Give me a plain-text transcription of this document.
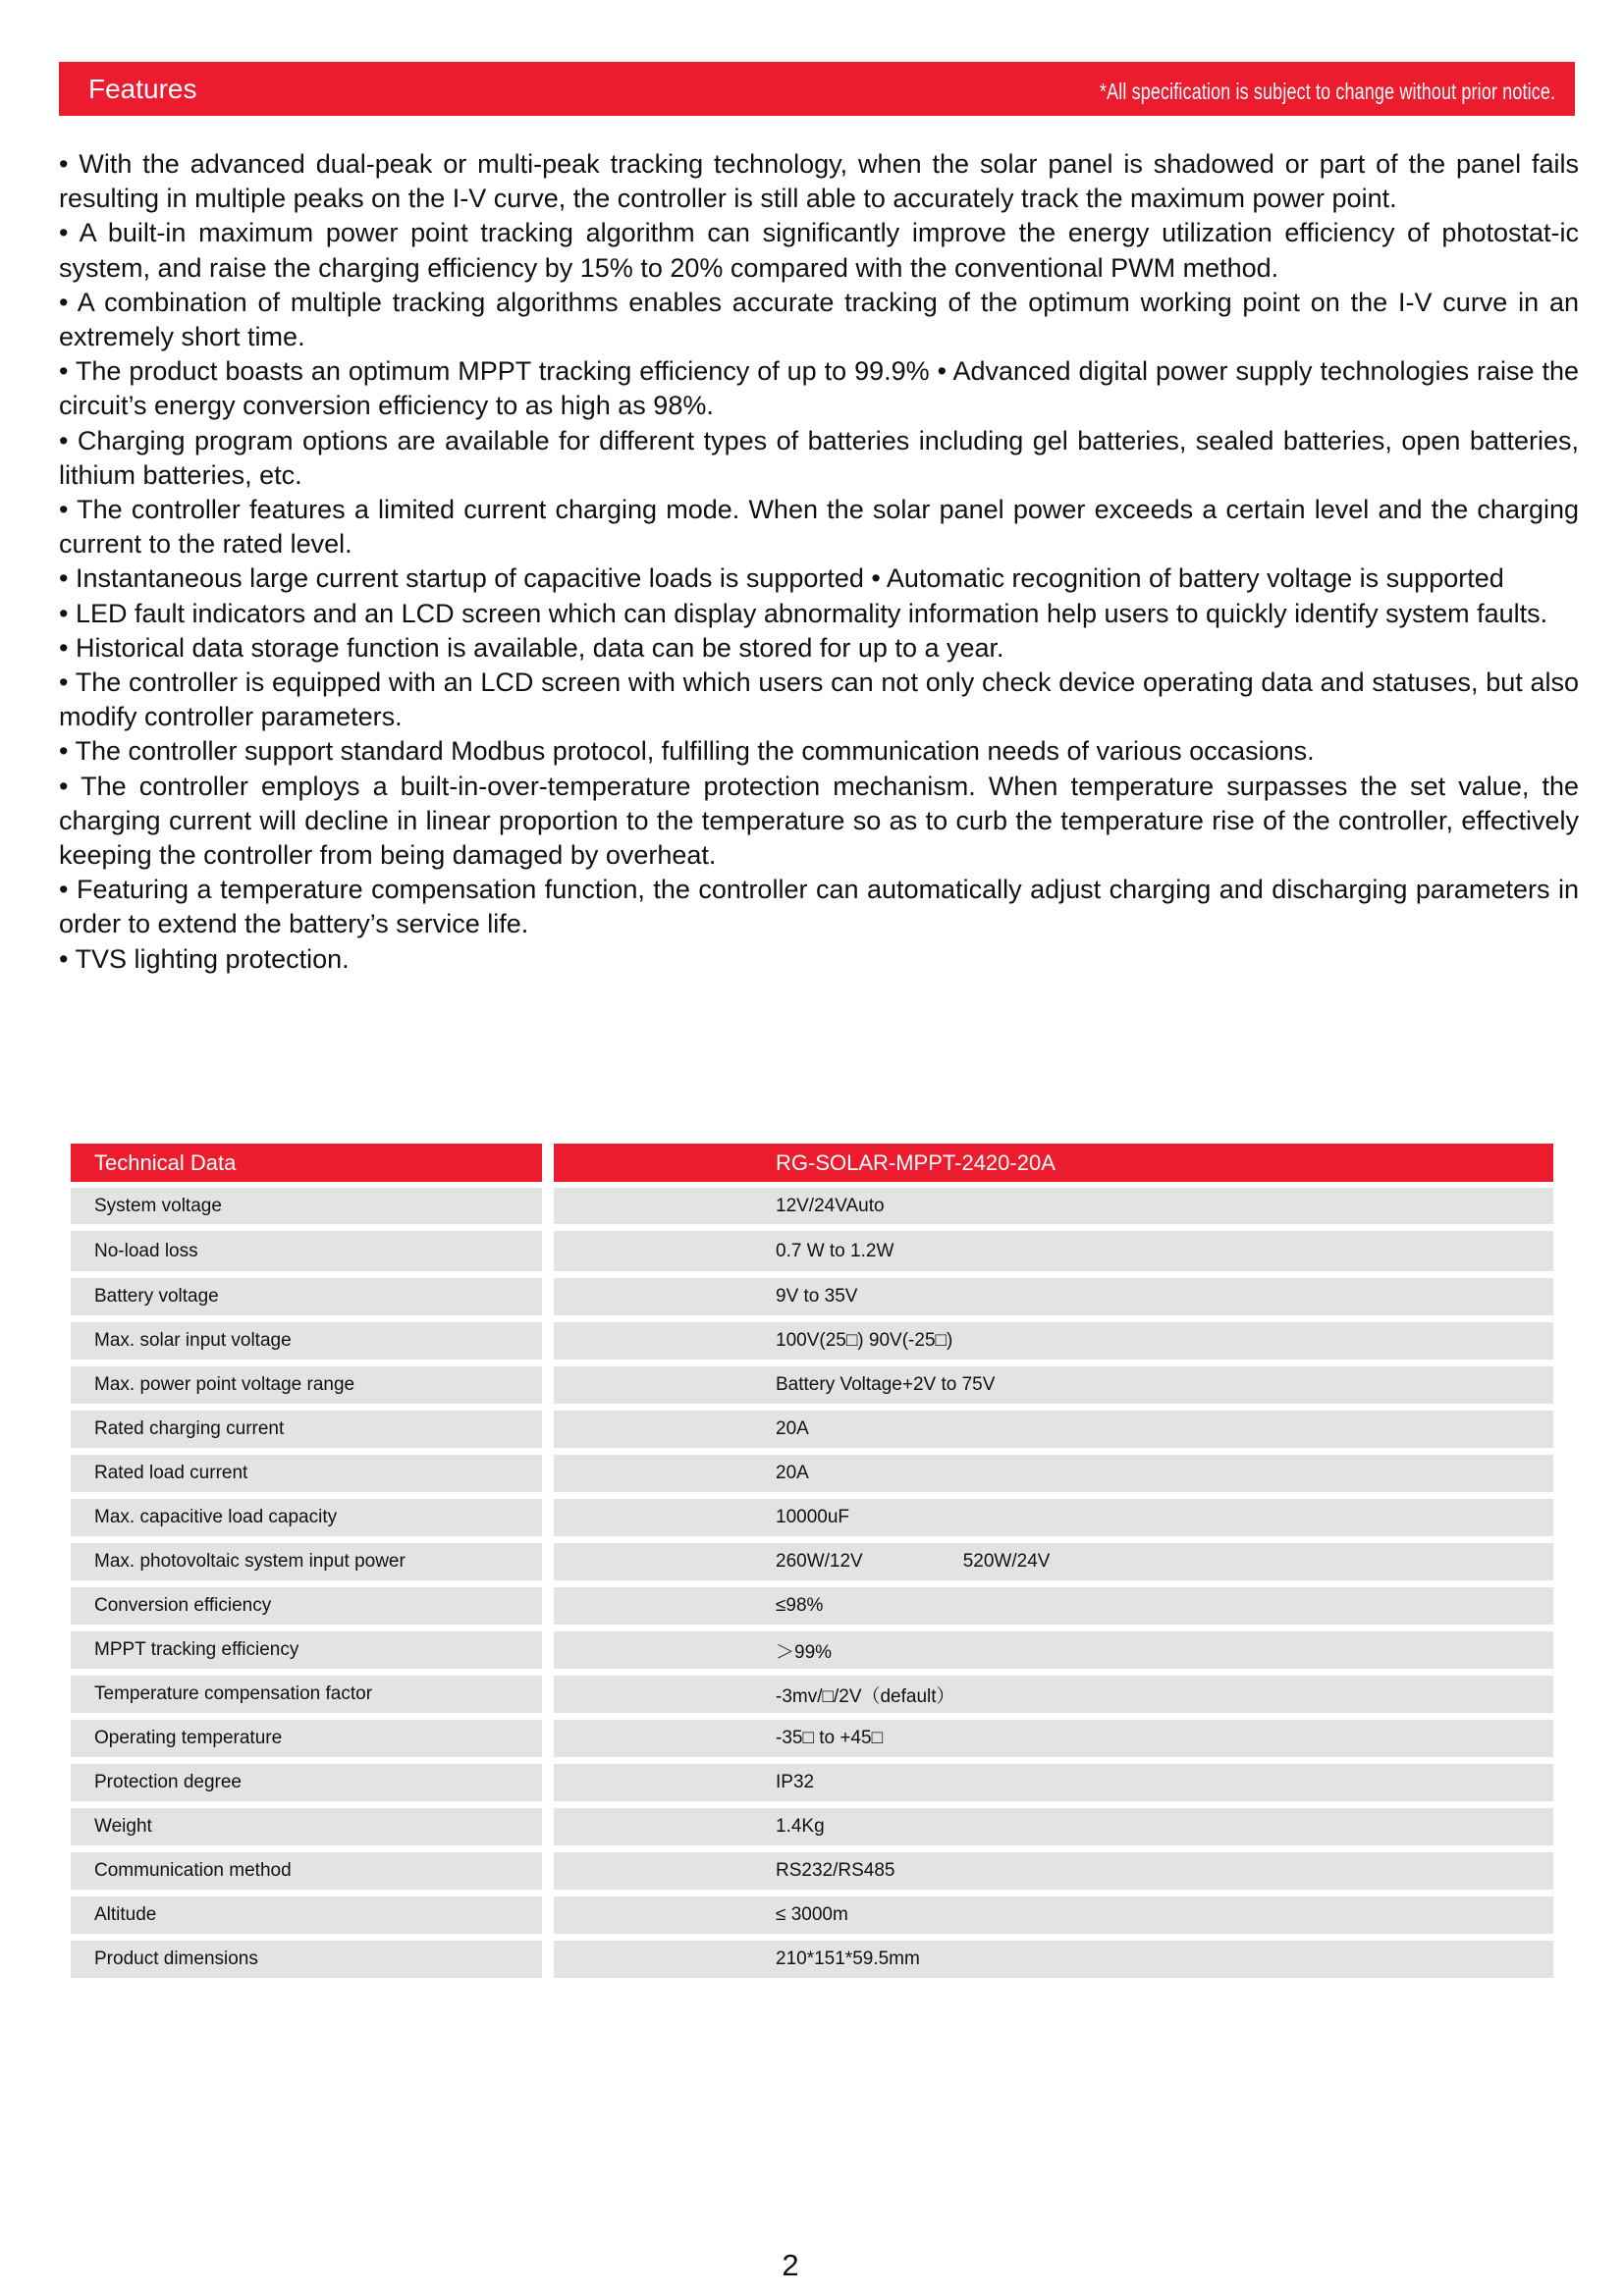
Features	*All specification is subject to change without prior notice.

• With the advanced dual-peak or multi-peak tracking technology, when the solar panel is shadowed or part of the panel fails resulting in multiple peaks on the I-V curve, the controller is still able to accurately track the maximum power point.

• A built-in maximum power point tracking algorithm can significantly improve the energy utilization efficiency of photostat-ic system, and raise the charging efficiency by 15% to 20% compared with the conventional PWM method.

• A combination of multiple tracking algorithms enables accurate tracking of the optimum working point on the I-V curve in an extremely short time.

• The product boasts an optimum MPPT tracking efficiency of up to 99.9% • Advanced digital power supply technologies raise the circuit’s energy conversion efficiency to as high as 98%.

• Charging program options are available for different types of batteries including gel batteries, sealed batteries, open batteries, lithium batteries, etc.

• The controller features a limited current charging mode. When the solar panel power exceeds a certain level and the charging current to the rated level.

• Instantaneous large current startup of capacitive loads is supported • Automatic recognition of battery voltage is supported

• LED fault indicators and an LCD screen which can display abnormality information help users to quickly identify system faults.

• Historical data storage function is available, data can be stored for up to a year.

• The controller is equipped with an LCD screen with which users can not only check device operating data and statuses, but also modify controller parameters.

• The controller support standard Modbus protocol, fulfilling the communication needs of various occasions.

• The controller employs a built-in-over-temperature protection mechanism. When temperature surpasses the set value, the charging current will decline in linear proportion to the temperature so as to curb the temperature rise of the controller, effectively keeping the controller from being damaged by overheat.

• Featuring a temperature compensation function, the controller can automatically adjust charging and discharging parameters in order to extend the battery’s service life.

• TVS lighting protection.

Technical Data	RG-SOLAR-MPPT-2420-20A
System voltage	12V/24VAuto
No-load loss	0.7 W to 1.2W
Battery voltage	9V to 35V
Max. solar input voltage	100V(25□) 90V(-25□)
Max. power point voltage range	Battery Voltage+2V to 75V
Rated charging current	20A
Rated load current	20A
Max. capacitive load capacity	10000uF
Max. photovoltaic system input power	260W/12V	520W/24V
Conversion efficiency	≤98%
MPPT tracking efficiency	＞99%
Temperature compensation factor	-3mv/□/2V（default）
Operating temperature	-35□ to +45□
Protection degree	IP32
Weight	1.4Kg
Communication method	RS232/RS485
Altitude	≤ 3000m
Product dimensions	210*151*59.5mm
2
